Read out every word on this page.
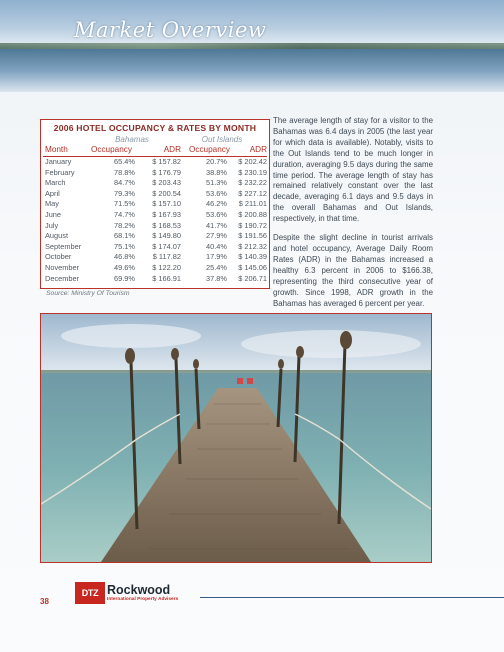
Market Overview
2006 HOTEL OCCUPANCY & RATES BY MONTH
Bahamas	Out Islands
Month	Occupancy	ADR Occupancy	ADR
January	65.4%	$ 157.82	20.7%	$ 202.42
February	78.8%	$ 176.79	38.8%	$ 230.19
March	84.7%	$ 203.43	51.3%	$ 232.22
April	79.3%	$ 200.54	53.6%	$ 227.12
May	71.5%	$ 157.10	46.2%	$ 211.01
June	74.7%	$ 167.93	53.6%	$ 200.88
July	78.2%	$ 168.53	41.7%	$ 190.72
August	68.1%	$ 149.80	27.9%	$ 191.56
September	75.1%	$ 174.07	40.4%	$ 212.32
October	46.8%	$ 117.82	17.9%	$ 140.39
November	49.6%	$ 122.20	25.4%	$ 145.06
December	69.9%	$ 166.91	37.8%	$ 206.71
Source: Ministry Of Tourism

The average length of stay for a visitor to the Bahamas was 6.4 days in 2005 (the last year for which data is available). Notably, visits to the Out Islands tend to be much longer in duration, averaging 9.5 days during the same time period. The average length of stay has remained relatively constant over the last decade, averaging 6.1 days and 9.5 days in the overall Bahamas and Out Islands, respectively, in that time.

Despite the slight decline in tourist arrivals and hotel occupancy, Average Daily Room Rates (ADR) in the Bahamas increased a healthy 6.3 percent in 2006 to $166.38, representing the third consecutive year of growth. Since 1998, ADR growth in the Bahamas has averaged 6 percent per year.

38
DTZ Rockwood
International Property Advisers
